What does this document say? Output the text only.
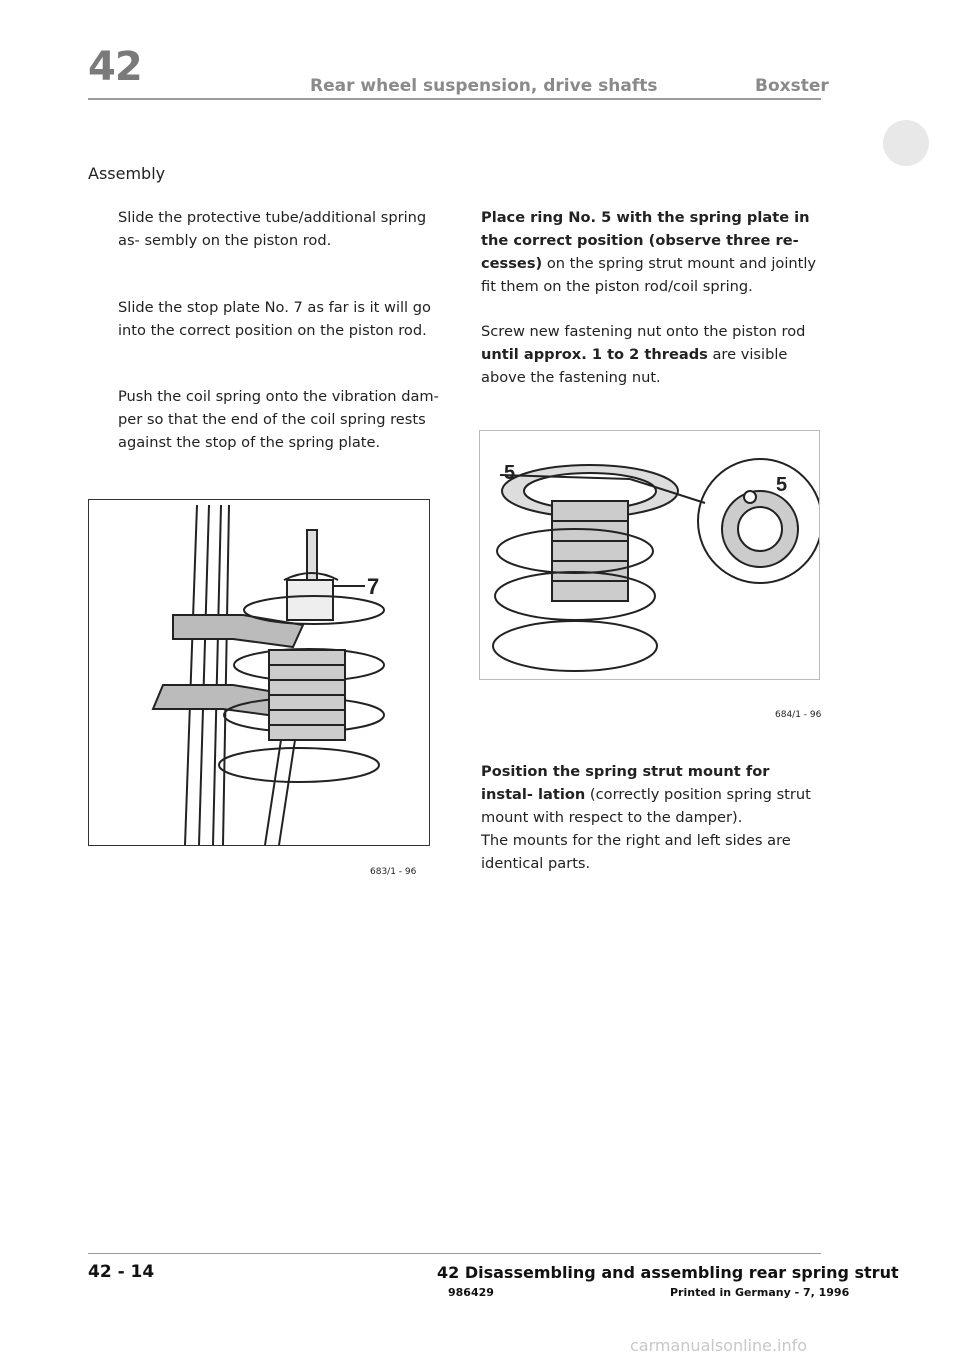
42	Rear wheel suspension, drive shafts	Boxster
Assembly
Slide the protective tube/additional spring as- sembly on the piston rod.
Slide the stop plate No. 7 as far is it will go into the correct position on the piston rod.
Push the coil spring onto the vibration dam- per so that the end of the coil spring rests against the stop of the spring plate.
7
683/1 - 96
Place ring No. 5 with the spring plate in the correct position (observe three re- cesses) on the spring strut mount and jointly fit them on the piston rod/coil spring.
Screw new fastening nut onto the piston rod until approx. 1 to 2 threads are visible above the fastening nut.
5
5
684/1 - 96
Position the spring strut mount for instal- lation (correctly position spring strut mount with respect to the damper).
The mounts for the right and left sides are identical parts.
42 - 14	42 Disassembling and assembling rear spring strut
986429	Printed in Germany - 7, 1996
carmanualsonline.info
